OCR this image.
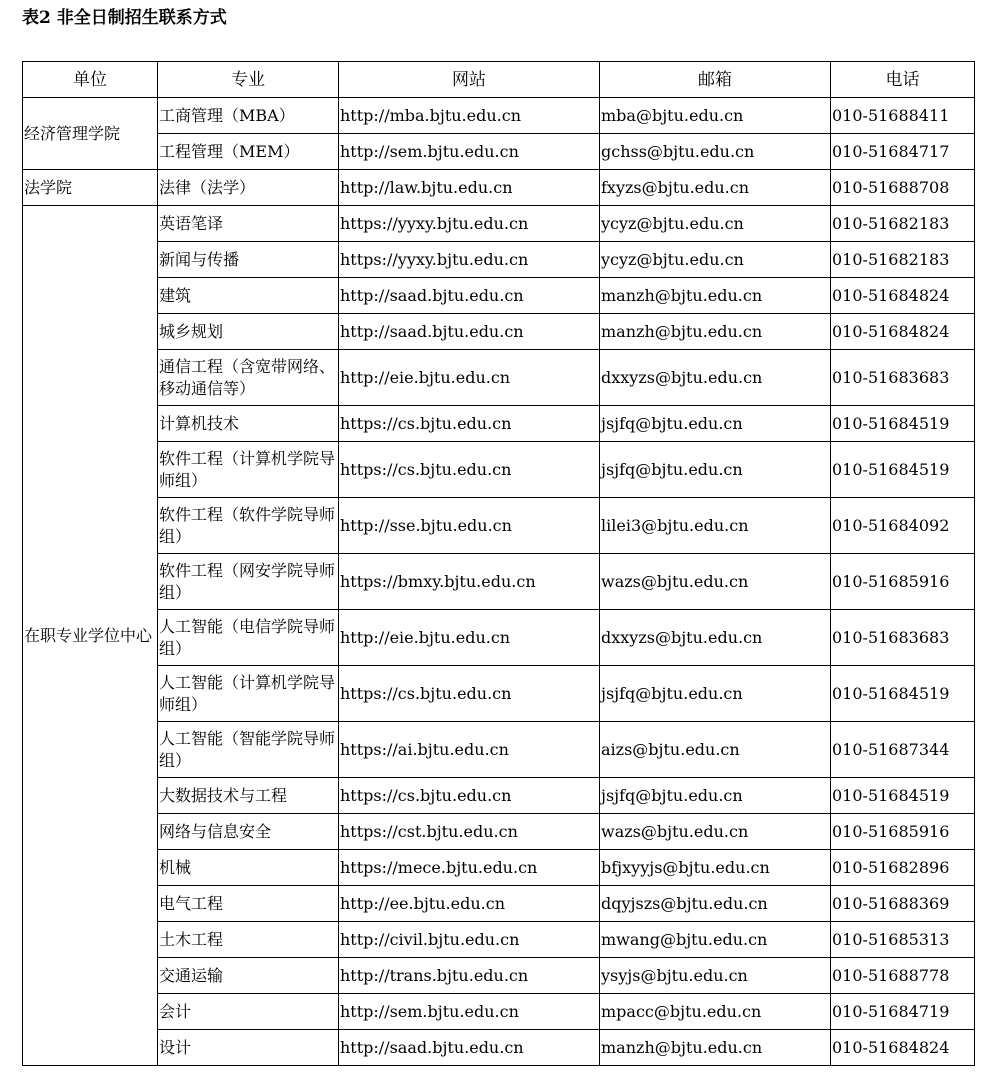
表2 非全日制招生联系方式
单位	专业	网站	邮箱	电话
经济管理学院	工商管理（MBA）	http://mba.bjtu.edu.cn	mba@bjtu.edu.cn	010-51688411
	工程管理（MEM）	http://sem.bjtu.edu.cn	gchss@bjtu.edu.cn	010-51684717
法学院	法律（法学）	http://law.bjtu.edu.cn	fxyzs@bjtu.edu.cn	010-51688708
在职专业学位中心	英语笔译	https://yyxy.bjtu.edu.cn	ycyz@bjtu.edu.cn	010-51682183
	新闻与传播	https://yyxy.bjtu.edu.cn	ycyz@bjtu.edu.cn	010-51682183
	建筑	http://saad.bjtu.edu.cn	manzh@bjtu.edu.cn	010-51684824
	城乡规划	http://saad.bjtu.edu.cn	manzh@bjtu.edu.cn	010-51684824
	通信工程（含宽带网络、移动通信等）	http://eie.bjtu.edu.cn	dxxyzs@bjtu.edu.cn	010-51683683
	计算机技术	https://cs.bjtu.edu.cn	jsjfq@bjtu.edu.cn	010-51684519
	软件工程（计算机学院导师组）	https://cs.bjtu.edu.cn	jsjfq@bjtu.edu.cn	010-51684519
	软件工程（软件学院导师组）	http://sse.bjtu.edu.cn	lilei3@bjtu.edu.cn	010-51684092
	软件工程（网安学院导师组）	https://bmxy.bjtu.edu.cn	wazs@bjtu.edu.cn	010-51685916
	人工智能（电信学院导师组）	http://eie.bjtu.edu.cn	dxxyzs@bjtu.edu.cn	010-51683683
	人工智能（计算机学院导师组）	https://cs.bjtu.edu.cn	jsjfq@bjtu.edu.cn	010-51684519
	人工智能（智能学院导师组）	https://ai.bjtu.edu.cn	aizs@bjtu.edu.cn	010-51687344
	大数据技术与工程	https://cs.bjtu.edu.cn	jsjfq@bjtu.edu.cn	010-51684519
	网络与信息安全	https://cst.bjtu.edu.cn	wazs@bjtu.edu.cn	010-51685916
	机械	https://mece.bjtu.edu.cn	bfjxyyjs@bjtu.edu.cn	010-51682896
	电气工程	http://ee.bjtu.edu.cn	dqyjszs@bjtu.edu.cn	010-51688369
	土木工程	http://civil.bjtu.edu.cn	mwang@bjtu.edu.cn	010-51685313
	交通运输	http://trans.bjtu.edu.cn	ysyjs@bjtu.edu.cn	010-51688778
	会计	http://sem.bjtu.edu.cn	mpacc@bjtu.edu.cn	010-51684719
	设计	http://saad.bjtu.edu.cn	manzh@bjtu.edu.cn	010-51684824
